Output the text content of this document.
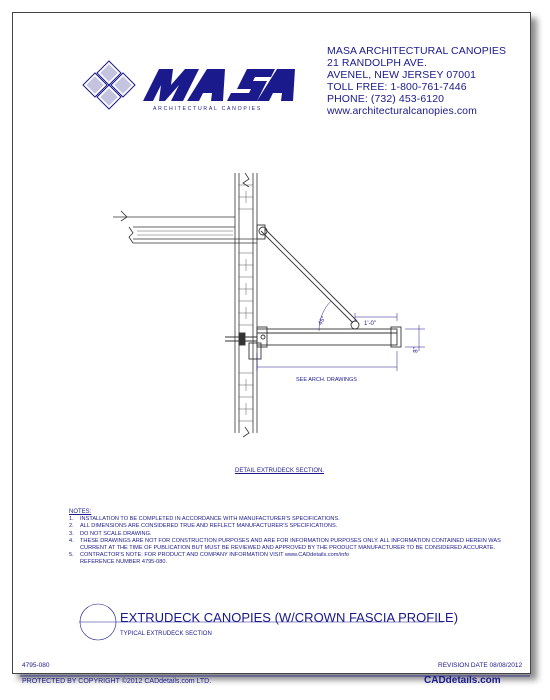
MASA ARCHITECTURAL CANOPIES
21 RANDOLPH AVE.
AVENEL, NEW JERSEY 07001
TOLL FREE: 1-800-761-7446
PHONE: (732) 453-6120
www.architecturalcanopies.com
ARCHITECTURAL CANOPIES
1'-0"
45°
8"
SEE ARCH. DRAWINGS
DETAIL EXTRUDECK SECTION.
NOTES:
1.	INSTALLATION TO BE COMPLETED IN ACCORDANCE WITH MANUFACTURER'S SPECIFICATIONS.
2.	ALL DIMENSIONS ARE CONSIDERED TRUE AND REFLECT MANUFACTURER'S SPECIFICATIONS.
3.	DO NOT SCALE DRAWING.
4.	THESE DRAWINGS ARE NOT FOR CONSTRUCTION PURPOSES AND ARE FOR INFORMATION PURPOSES ONLY. ALL INFORMATION CONTAINED HEREIN WAS CURRENT AT THE TIME OF PUBLICATION BUT MUST BE REVIEWED AND APPROVED BY THE PRODUCT MANUFACTURER TO BE CONSIDERED ACCURATE.
5.	CONTRACTOR'S NOTE: FOR PRODUCT AND COMPANY INFORMATION VISIT www.CADdetails.com/info
REFERENCE NUMBER 4795-080.
EXTRUDECK CANOPIES (W/CROWN FASCIA PROFILE)
TYPICAL EXTRUDECK SECTION
4795-080	REVISION DATE 08/08/2012
PROTECTED BY COPYRIGHT ©2012 CADdetails.com LTD.	CADdetails.com
